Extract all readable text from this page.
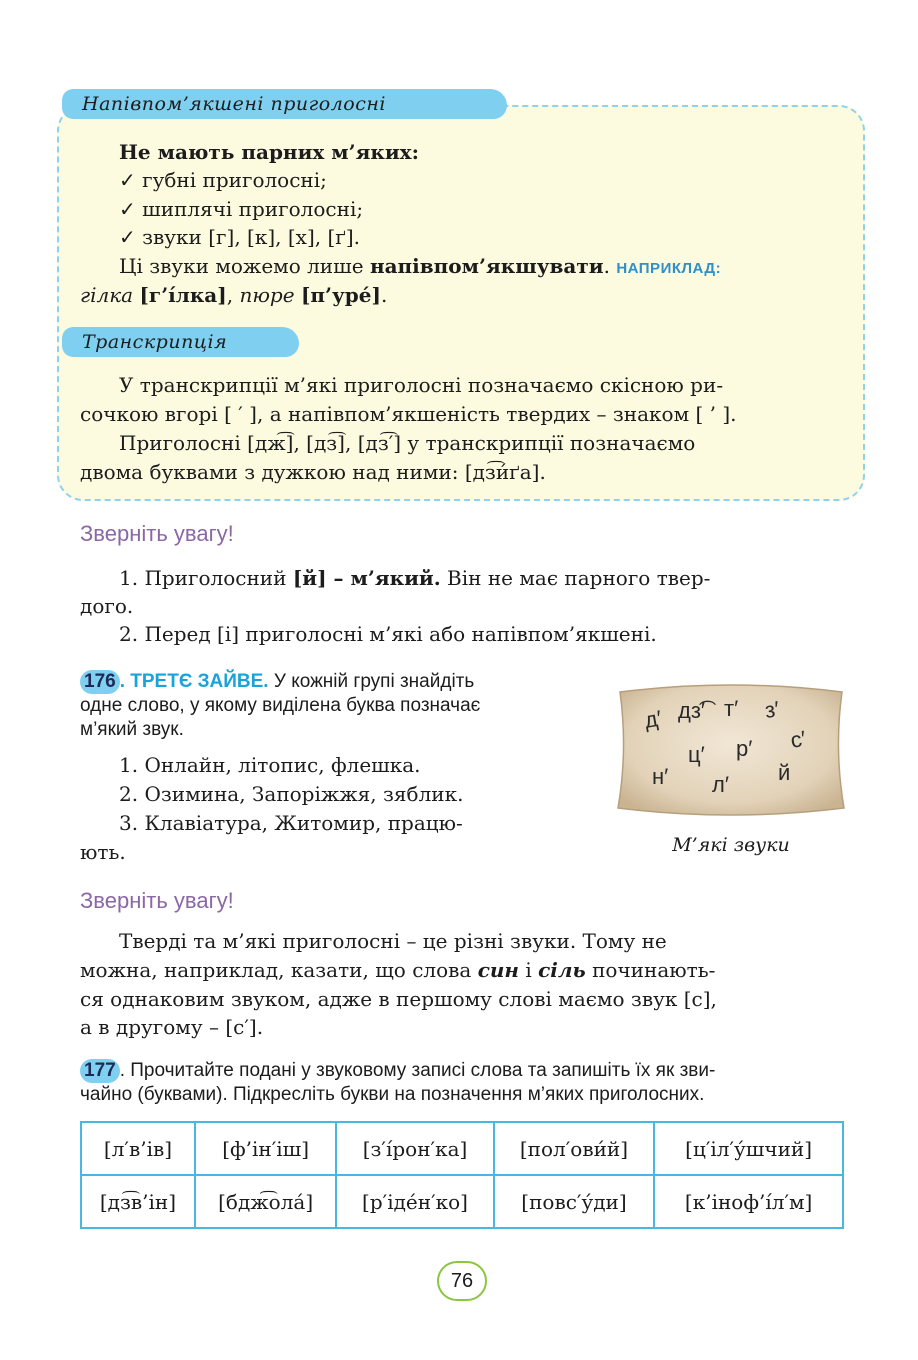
Напівпом’якшені приголосні
Не мають парних м’яких:
✓ губні приголосні;
✓ шиплячі приголосні;
✓ звуки [г], [к], [х], [ґ].
Ці звуки можемо лише напівпом’якшувати. НАПРИКЛАД:
гілка [г’íлка], пюре [п’уре́].
Транскрипція
У транскрипції м’які приголосні позначаємо скісною ри-
сочкою вгорі [ ′ ], а напівпом’якшеність твердих – знаком [ ’ ].
Приголосні [дж͡], [дз͡], [дз͡′] у транскрипції позначаємо
двома буквами з дужкою над ними: [дз͡и́ґа].
Зверніть увагу!
1. Приголосний [й] – м’який. Він не має парного твер-
дого.
2. Перед [і] приголосні м’які або напівпом’якшені.
176 . ТРЕТЄ ЗАЙВЕ. У кожній групі знайдіть
одне слово, у якому виділена буква позначає
м’який звук.
1. Онлайн, літопис, флешка.
2. Озимина, Запоріжжя, зяблик.
3. Клавіатура, Житомир, працю-
ють.
д′ дз͡′ т′ з′
ц′ р′ с′
н′ л′ й
М’які звуки
Зверніть увагу!
Тверді та м’які приголосні – це різні звуки. Тому не
можна, наприклад, казати, що слова син і сіль починають-
ся однаковим звуком, адже в першому слові маємо звук [с],
а в другому – [с′].
177 . Прочитайте подані у звуковому записі слова та запишіть їх як зви-
чайно (буквами). Підкресліть букви на позначення м’яких приголосних.
[л′в’ів]	[ф’ін′іш]	[з′íрон′ка]	[пол′ови́й]	[ц′іл′у́шчий]
[дз͡в’ін]	[бдж͡ола́]	[р′іде́н′ко]	[повс′у́ди]	[к’іноф’íл′м]
76
